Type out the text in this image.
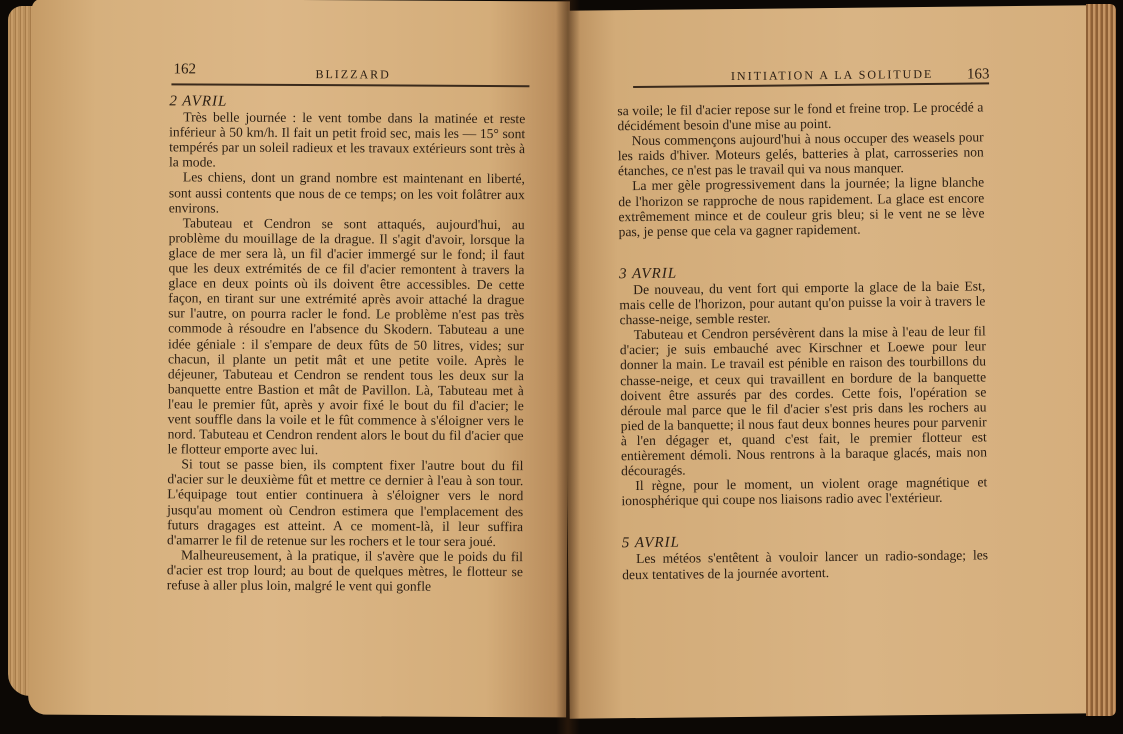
162	BLIZZARD

2 AVRIL

Très belle journée : le vent tombe dans la matinée et reste inférieur à 50 km/h. Il fait un petit froid sec, mais les — 15° sont tempérés par un soleil radieux et les travaux extérieurs sont très à la mode.

Les chiens, dont un grand nombre est maintenant en liberté, sont aussi contents que nous de ce temps; on les voit folâtrer aux environs.

Tabuteau et Cendron se sont attaqués, aujourd'hui, au problème du mouillage de la drague. Il s'agit d'avoir, lorsque la glace de mer sera là, un fil d'acier immergé sur le fond; il faut que les deux extrémités de ce fil d'acier remontent à travers la glace en deux points où ils doivent être accessibles. De cette façon, en tirant sur une extrémité après avoir attaché la drague sur l'autre, on pourra racler le fond. Le problème n'est pas très commode à résoudre en l'absence du Skodern. Tabuteau a une idée géniale : il s'empare de deux fûts de 50 litres, vides; sur chacun, il plante un petit mât et une petite voile. Après le déjeuner, Tabuteau et Cendron se rendent tous les deux sur la banquette entre Bastion et mât de Pavillon. Là, Tabuteau met à l'eau le premier fût, après y avoir fixé le bout du fil d'acier; le vent souffle dans la voile et le fût commence à s'éloigner vers le nord. Tabuteau et Cendron rendent alors le bout du fil d'acier que le flotteur emporte avec lui.

Si tout se passe bien, ils comptent fixer l'autre bout du fil d'acier sur le deuxième fût et mettre ce dernier à l'eau à son tour. L'équipage tout entier continuera à s'éloigner vers le nord jusqu'au moment où Cendron estimera que l'emplacement des futurs dragages est atteint. A ce moment-là, il leur suffira d'amarrer le fil de retenue sur les rochers et le tour sera joué.

Malheureusement, à la pratique, il s'avère que le poids du fil d'acier est trop lourd; au bout de quelques mètres, le flotteur se refuse à aller plus loin, malgré le vent qui gonfle

INITIATION A LA SOLITUDE 163

sa voile; le fil d'acier repose sur le fond et freine trop. Le procédé a décidément besoin d'une mise au point.

Nous commençons aujourd'hui à nous occuper des weasels pour les raids d'hiver. Moteurs gelés, batteries à plat, carrosseries non étanches, ce n'est pas le travail qui va nous manquer.

La mer gèle progressivement dans la journée; la ligne blanche de l'horizon se rapproche de nous rapidement. La glace est encore extrêmement mince et de couleur gris bleu; si le vent ne se lève pas, je pense que cela va gagner rapidement.

3 AVRIL

De nouveau, du vent fort qui emporte la glace de la baie Est, mais celle de l'horizon, pour autant qu'on puisse la voir à travers le chasse-neige, semble rester.

Tabuteau et Cendron persévèrent dans la mise à l'eau de leur fil d'acier; je suis embauché avec Kirschner et Loewe pour leur donner la main. Le travail est pénible en raison des tourbillons du chasse-neige, et ceux qui travaillent en bordure de la banquette doivent être assurés par des cordes. Cette fois, l'opération se déroule mal parce que le fil d'acier s'est pris dans les rochers au pied de la banquette; il nous faut deux bonnes heures pour parvenir à l'en dégager et, quand c'est fait, le premier flotteur est entièrement démoli. Nous rentrons à la baraque glacés, mais non découragés.

Il règne, pour le moment, un violent orage magnétique et ionosphérique qui coupe nos liaisons radio avec l'extérieur.

5 AVRIL

Les météos s'entêtent à vouloir lancer un radio-sondage; les deux tentatives de la journée avortent.
